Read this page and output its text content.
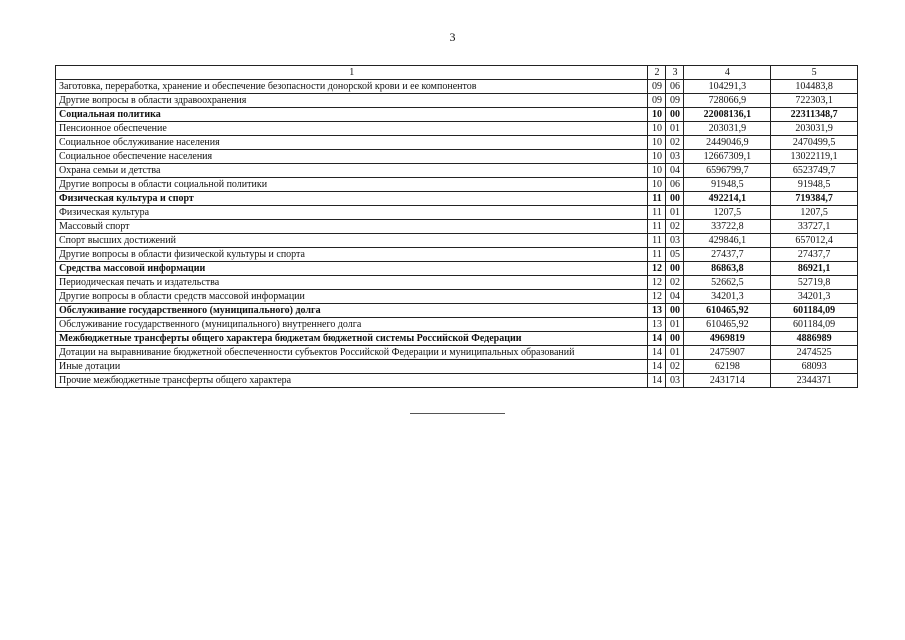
3
1	2	3	4	5
Заготовка, переработка, хранение и обеспечение безопасности донорской крови и ее компонентов	09	06	104291,3	104483,8
Другие вопросы в области здравоохранения	09	09	728066,9	722303,1
Социальная политика	10	00	22008136,1	22311348,7
Пенсионное обеспечение	10	01	203031,9	203031,9
Социальное обслуживание населения	10	02	2449046,9	2470499,5
Социальное обеспечение населения	10	03	12667309,1	13022119,1
Охрана семьи и детства	10	04	6596799,7	6523749,7
Другие вопросы в области социальной политики	10	06	91948,5	91948,5
Физическая культура и спорт	11	00	492214,1	719384,7
Физическая культура	11	01	1207,5	1207,5
Массовый спорт	11	02	33722,8	33727,1
Спорт высших достижений	11	03	429846,1	657012,4
Другие вопросы в области физической культуры и спорта	11	05	27437,7	27437,7
Средства массовой информации	12	00	86863,8	86921,1
Периодическая печать и издательства	12	02	52662,5	52719,8
Другие вопросы в области средств массовой информации	12	04	34201,3	34201,3
Обслуживание государственного (муниципального) долга	13	00	610465,92	601184,09
Обслуживание государственного (муниципального) внутреннего долга	13	01	610465,92	601184,09
Межбюджетные трансферты общего характера бюджетам бюджетной системы Российской Федерации	14	00	4969819	4886989
Дотации на выравнивание бюджетной обеспеченности субъектов Российской Федерации и муниципальных образований	14	01	2475907	2474525
Иные дотации	14	02	62198	68093
Прочие межбюджетные трансферты общего характера	14	03	2431714	2344371
